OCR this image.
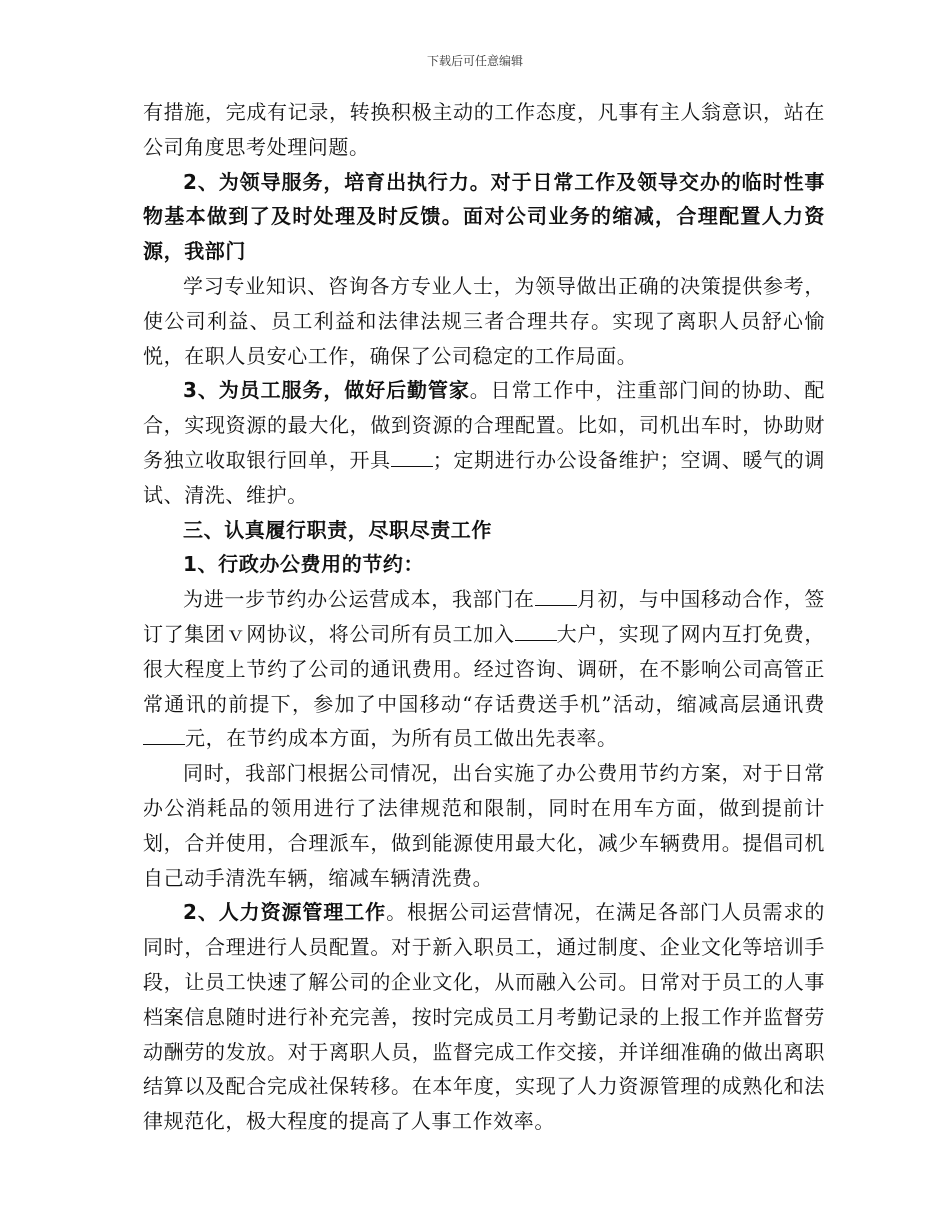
下载后可任意编辑

有措施，完成有记录，转换积极主动的工作态度，凡事有主人翁意识，站在公司角度思考处理问题。

2、为领导服务，培育出执行力。对于日常工作及领导交办的临时性事物基本做到了及时处理及时反馈。面对公司业务的缩减，合理配置人力资源，我部门

学习专业知识、咨询各方专业人士，为领导做出正确的决策提供参考，使公司利益、员工利益和法律法规三者合理共存。实现了离职人员舒心愉悦，在职人员安心工作，确保了公司稳定的工作局面。

3、为员工服务，做好后勤管家。日常工作中，注重部门间的协助、配合，实现资源的最大化，做到资源的合理配置。比如，司机出车时，协助财务独立收取银行回单，开具 ；定期进行办公设备维护；空调、暖气的调试、清洗、维护。

三、认真履行职责，尽职尽责工作

1、行政办公费用的节约：

为进一步节约办公运营成本，我部门在 月初，与中国移动合作，签订了集团ｖ网协议，将公司所有员工加入 大户，实现了网内互打免费，很大程度上节约了公司的通讯费用。经过咨询、调研，在不影响公司高管正常通讯的前提下，参加了中国移动“存话费送手机”活动，缩减高层通讯费元，在节约成本方面，为所有员工做出先表率。

同时，我部门根据公司情况，出台实施了办公费用节约方案，对于日常办公消耗品的领用进行了法律规范和限制，同时在用车方面，做到提前计划，合并使用，合理派车，做到能源使用最大化，减少车辆费用。提倡司机自己动手清洗车辆，缩减车辆清洗费。

2、人力资源管理工作。根据公司运营情况，在满足各部门人员需求的同时，合理进行人员配置。对于新入职员工，通过制度、企业文化等培训手段，让员工快速了解公司的企业文化，从而融入公司。日常对于员工的人事档案信息随时进行补充完善，按时完成员工月考勤记录的上报工作并监督劳动酬劳的发放。对于离职人员，监督完成工作交接，并详细准确的做出离职结算以及配合完成社保转移。在本年度，实现了人力资源管理的成熟化和法律规范化，极大程度的提高了人事工作效率。
